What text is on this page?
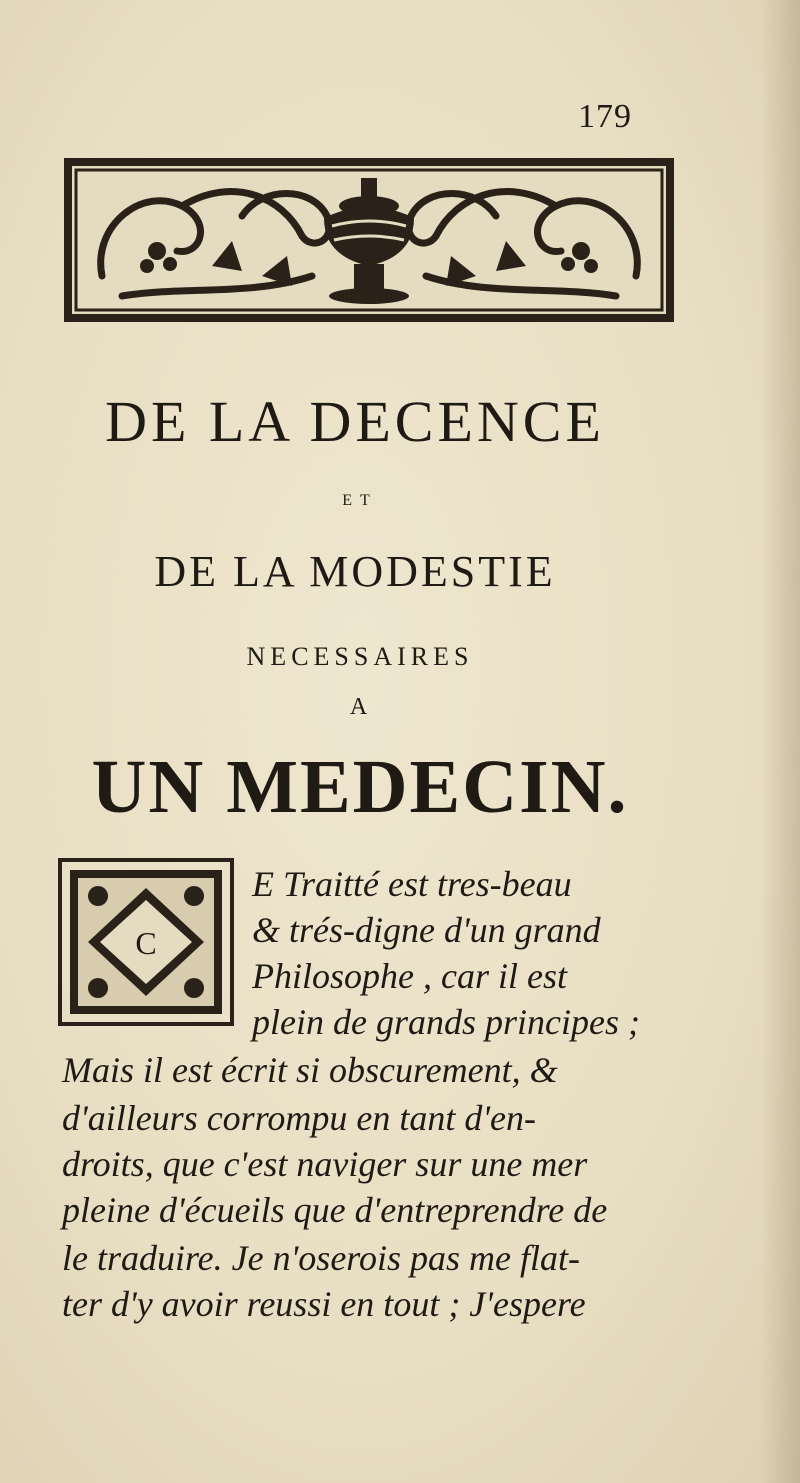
179
DE LA DECENCE
ET
DE LA MODESTIE
NECESSAIRES
A
UN MEDECIN.
C
E Traitté est tres-beau
& trés-digne d'un grand
Philosophe , car il est
plein de grands principes ;
Mais il est écrit si obscurement, &
d'ailleurs corrompu en tant d'en-
droits, que c'est naviger sur une mer
pleine d'écueils que d'entreprendre de
le traduire. Je n'oserois pas me flat-
ter d'y avoir reussi en tout ; J'espere
